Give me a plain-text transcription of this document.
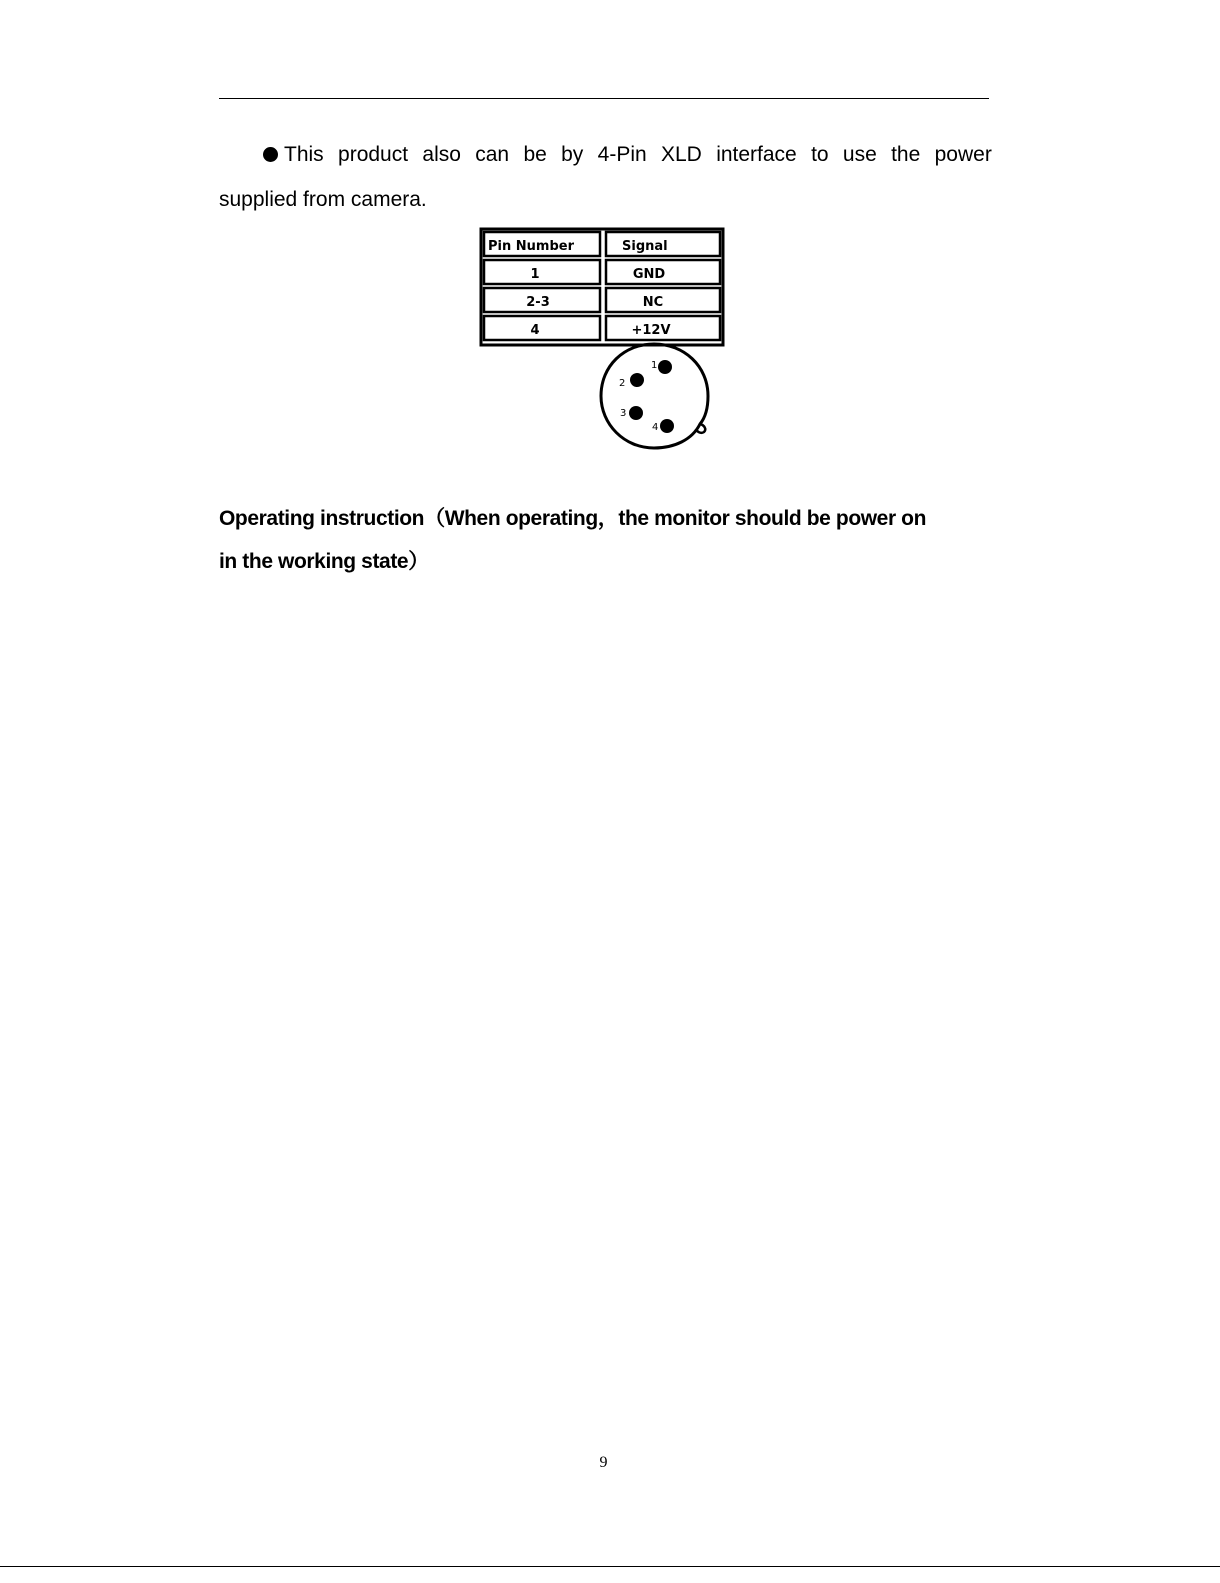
This product also can be by 4-Pin XLD interface to use the power
supplied from camera.
Pin Number	Signal
1	GND
2-3	NC
4	+12V
1
2
3
4
Operating instruction（When operating，the monitor should be power on
in the working state）
9
